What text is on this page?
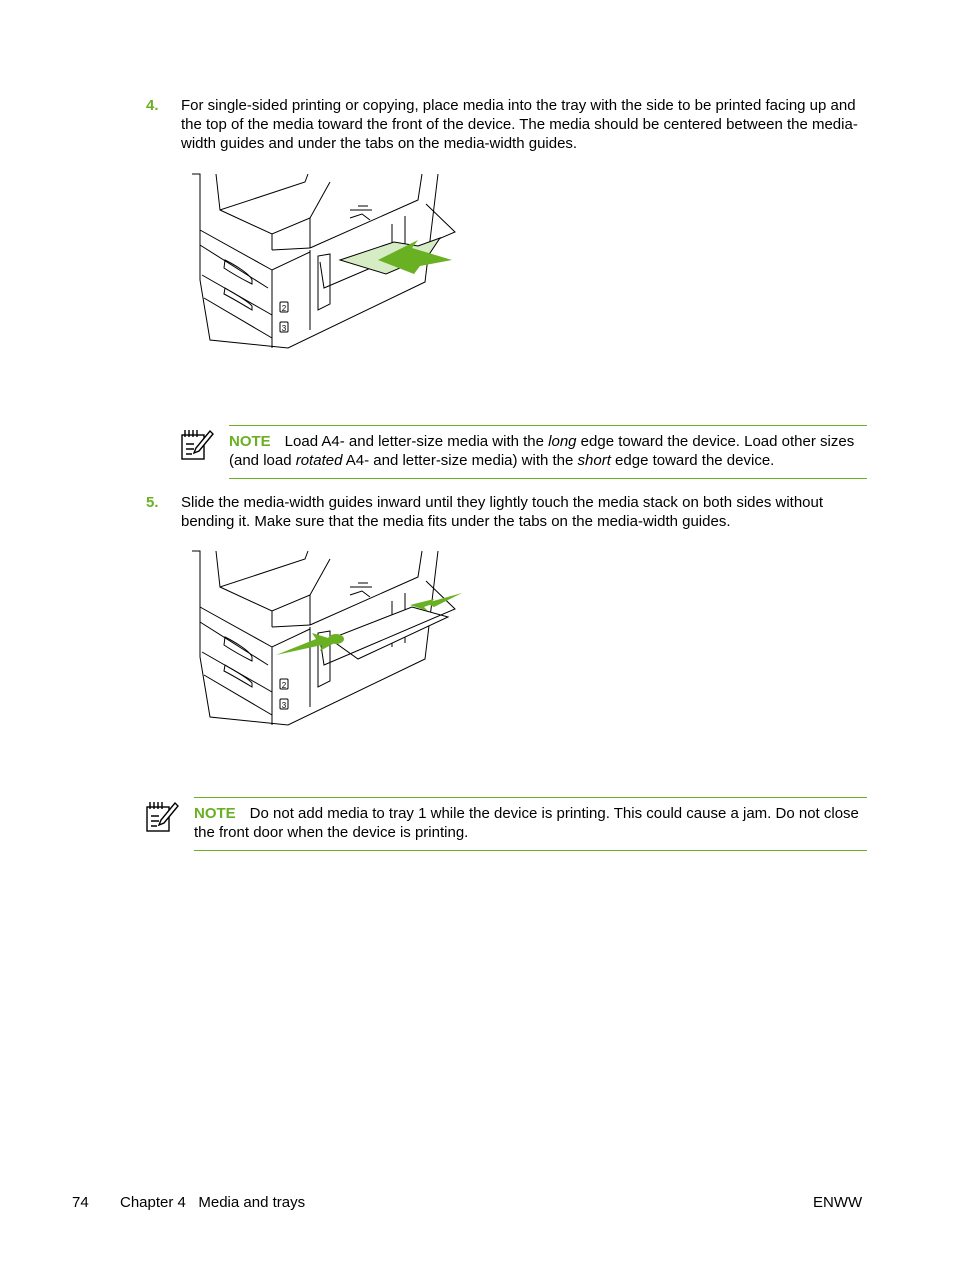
4. For single-sided printing or copying, place media into the tray with the side to be printed facing up and the top of the media toward the front of the device. The media should be centered between the media-width guides and under the tabs on the media-width guides.
2
3
NOTE Load A4- and letter-size media with the long edge toward the device. Load other sizes (and load rotated A4- and letter-size media) with the short edge toward the device.
5. Slide the media-width guides inward until they lightly touch the media stack on both sides without bending it. Make sure that the media fits under the tabs on the media-width guides.
2
3
NOTE Do not add media to tray 1 while the device is printing. This could cause a jam. Do not close the front door when the device is printing.
74 Chapter 4   Media and trays	ENWW
